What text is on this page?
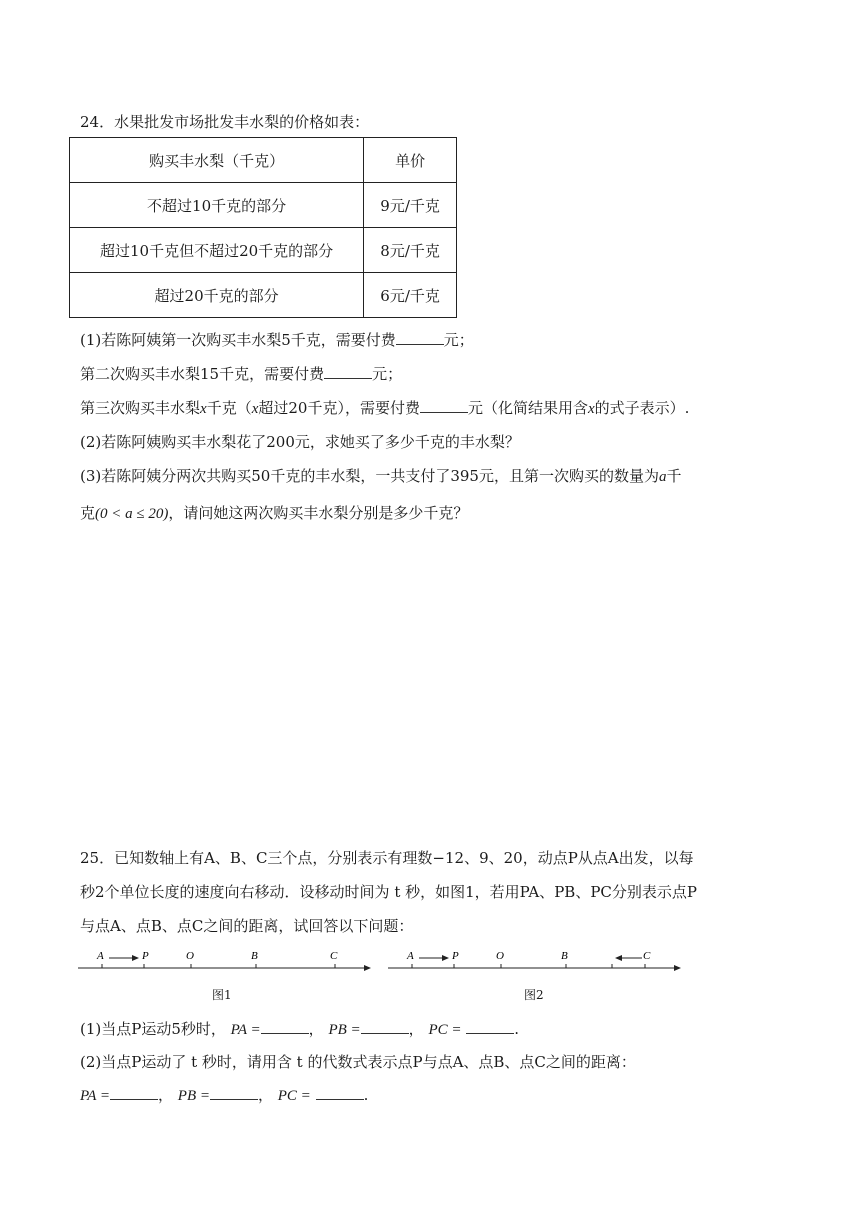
24．水果批发市场批发丰水梨的价格如表：
购买丰水梨（千克）	单价
不超过10千克的部分	9元/千克
超过10千克但不超过20千克的部分	8元/千克
超过20千克的部分	6元/千克
(1)若陈阿姨第一次购买丰水梨5千克，需要付费	元；
第二次购买丰水梨15千克，需要付费	元；
第三次购买丰水梨x千克（x超过20千克），需要付费	元（化简结果用含x的式子表示）.
(2)若陈阿姨购买丰水梨花了200元，求她买了多少千克的丰水梨？
(3)若陈阿姨分两次共购买50千克的丰水梨，一共支付了395元，且第一次购买的数量为a千
克(0 < a ≤ 20)，请问她这两次购买丰水梨分别是多少千克？
25．已知数轴上有A、B、C三个点，分别表示有理数−12、9、20，动点P从点A出发，以每
秒2个单位长度的速度向右移动．设移动时间为 t 秒，如图1，若用PA、PB、PC分别表示点P
与点A、点B、点C之间的距离，试回答以下问题：
A	P	O	B	C
图1
A	P	O	B	C
图2
(1)当点P运动5秒时， PA =	， PB =	， PC =	.
(2)当点P运动了 t 秒时，请用含 t 的代数式表示点P与点A、点B、点C之间的距离：
PA =	， PB =	， PC =	.
